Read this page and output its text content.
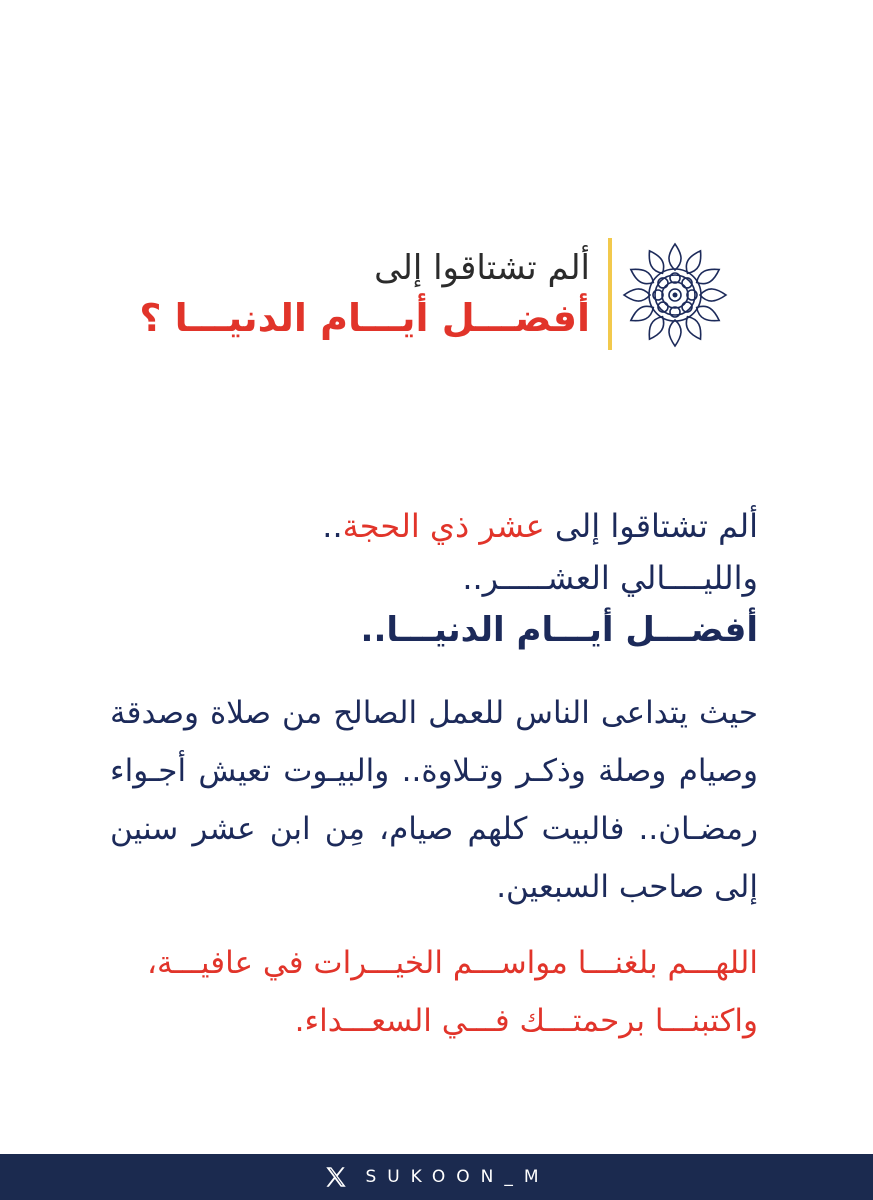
ألم تشتاقوا إلى
أفضـــل أيـــام الدنيـــا ؟
ألم تشتاقوا إلى عشر ذي الحجة..
والليــــالي العشـــــر..
أفضـــل أيـــام الدنيـــا..
حيث يتداعى الناس للعمل الصالح من صلاة وصدقة وصيام وصلة وذكـر وتـلاوة.. والبيـوت تعيش أجـواء رمضـان.. فالبيت كلهم صيام، مِن ابن عشر سنين إلى صاحب السبعين.
اللهـــم بلغنـــا مواســـم الخيـــرات في عافيـــة،
واكتبنـــا برحمتـــك فـــي السعـــداء.
SUKOON_M
